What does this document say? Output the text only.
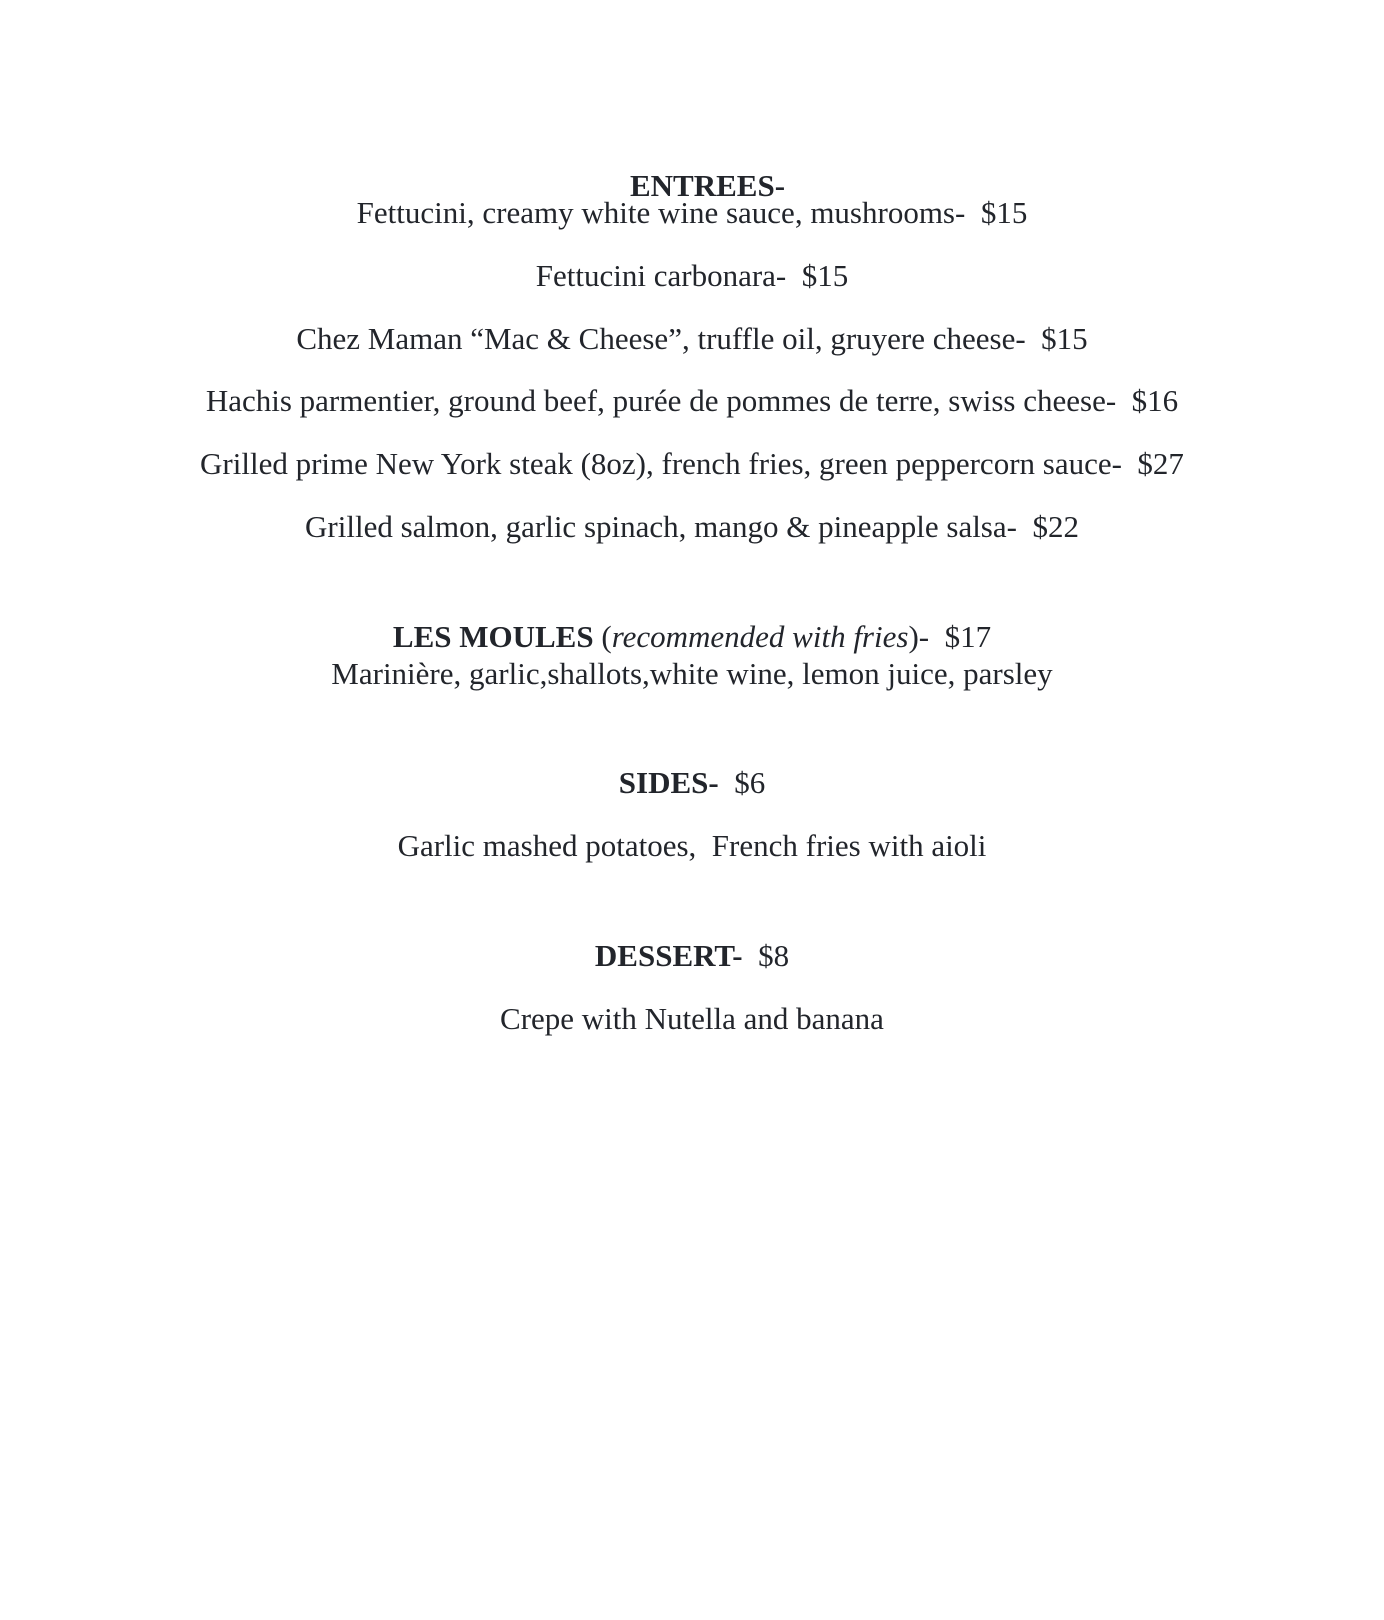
ENTREES-

Fettucini, creamy white wine sauce, mushrooms-  $15
Fettucini carbonara-  $15
Chez Maman “Mac & Cheese”, truffle oil, gruyere cheese-  $15
Hachis parmentier, ground beef, purée de pommes de terre, swiss cheese-  $16
Grilled prime New York steak (8oz), french fries, green peppercorn sauce-  $27
Grilled salmon, garlic spinach, mango & pineapple salsa-  $22
LES MOULES (recommended with fries)-  $17
Marinière, garlic,shallots,white wine, lemon juice, parsley
SIDES-  $6
Garlic mashed potatoes,  French fries with aioli
DESSERT-  $8
Crepe with Nutella and banana
